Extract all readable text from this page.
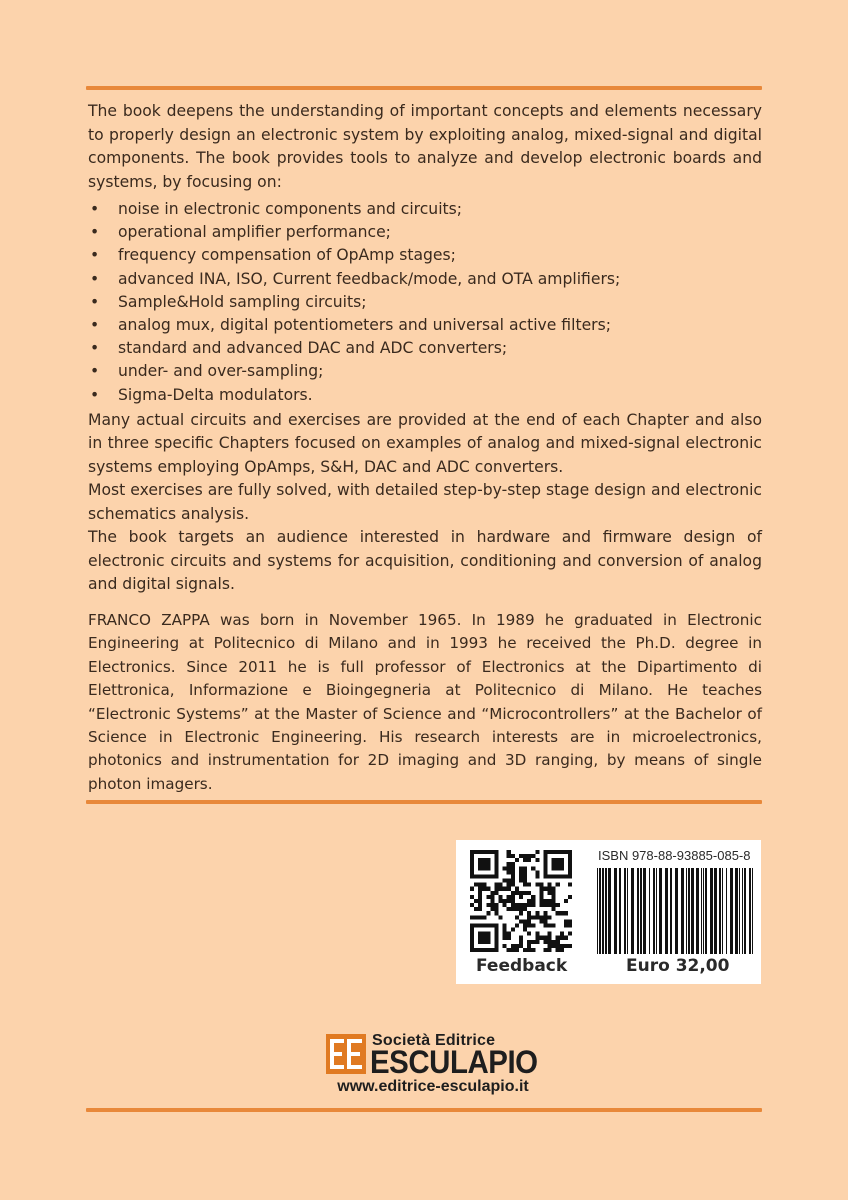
The book deepens the understanding of important concepts and elements necessary to properly design an electronic system by exploiting analog, mixed-signal and digital components. The book provides tools to analyze and develop electronic boards and systems, by focusing on:

• noise in electronic components and circuits;
• operational amplifier performance;
• frequency compensation of OpAmp stages;
• advanced INA, ISO, Current feedback/mode, and OTA amplifiers;
• Sample&Hold sampling circuits;
• analog mux, digital potentiometers and universal active filters;
• standard and advanced DAC and ADC converters;
• under- and over-sampling;
• Sigma-Delta modulators.

Many actual circuits and exercises are provided at the end of each Chapter and also in three specific Chapters focused on examples of analog and mixed-signal electronic systems employing OpAmps, S&H, DAC and ADC converters.

Most exercises are fully solved, with detailed step-by-step stage design and electronic schematics analysis.

The book targets an audience interested in hardware and firmware design of electronic circuits and systems for acquisition, conditioning and conversion of analog and digital signals.

FRANCO ZAPPA was born in November 1965. In 1989 he graduated in Electronic Engineering at Politecnico di Milano and in 1993 he received the Ph.D. degree in Electronics. Since 2011 he is full professor of Electronics at the Dipartimento di Elettronica, Informazione e Bioingegneria at Politecnico di Milano. He teaches “Electronic Systems” at the Master of Science and “Microcontrollers” at the Bachelor of Science in Electronic Engineering. His research interests are in microelectronics, photonics and instrumentation for 2D imaging and 3D ranging, by means of single photon imagers.
Feedback
ISBN 978-88-93885-085-8
Euro 32,00
Società Editrice
ESCULAPIO
www.editrice-esculapio.it
